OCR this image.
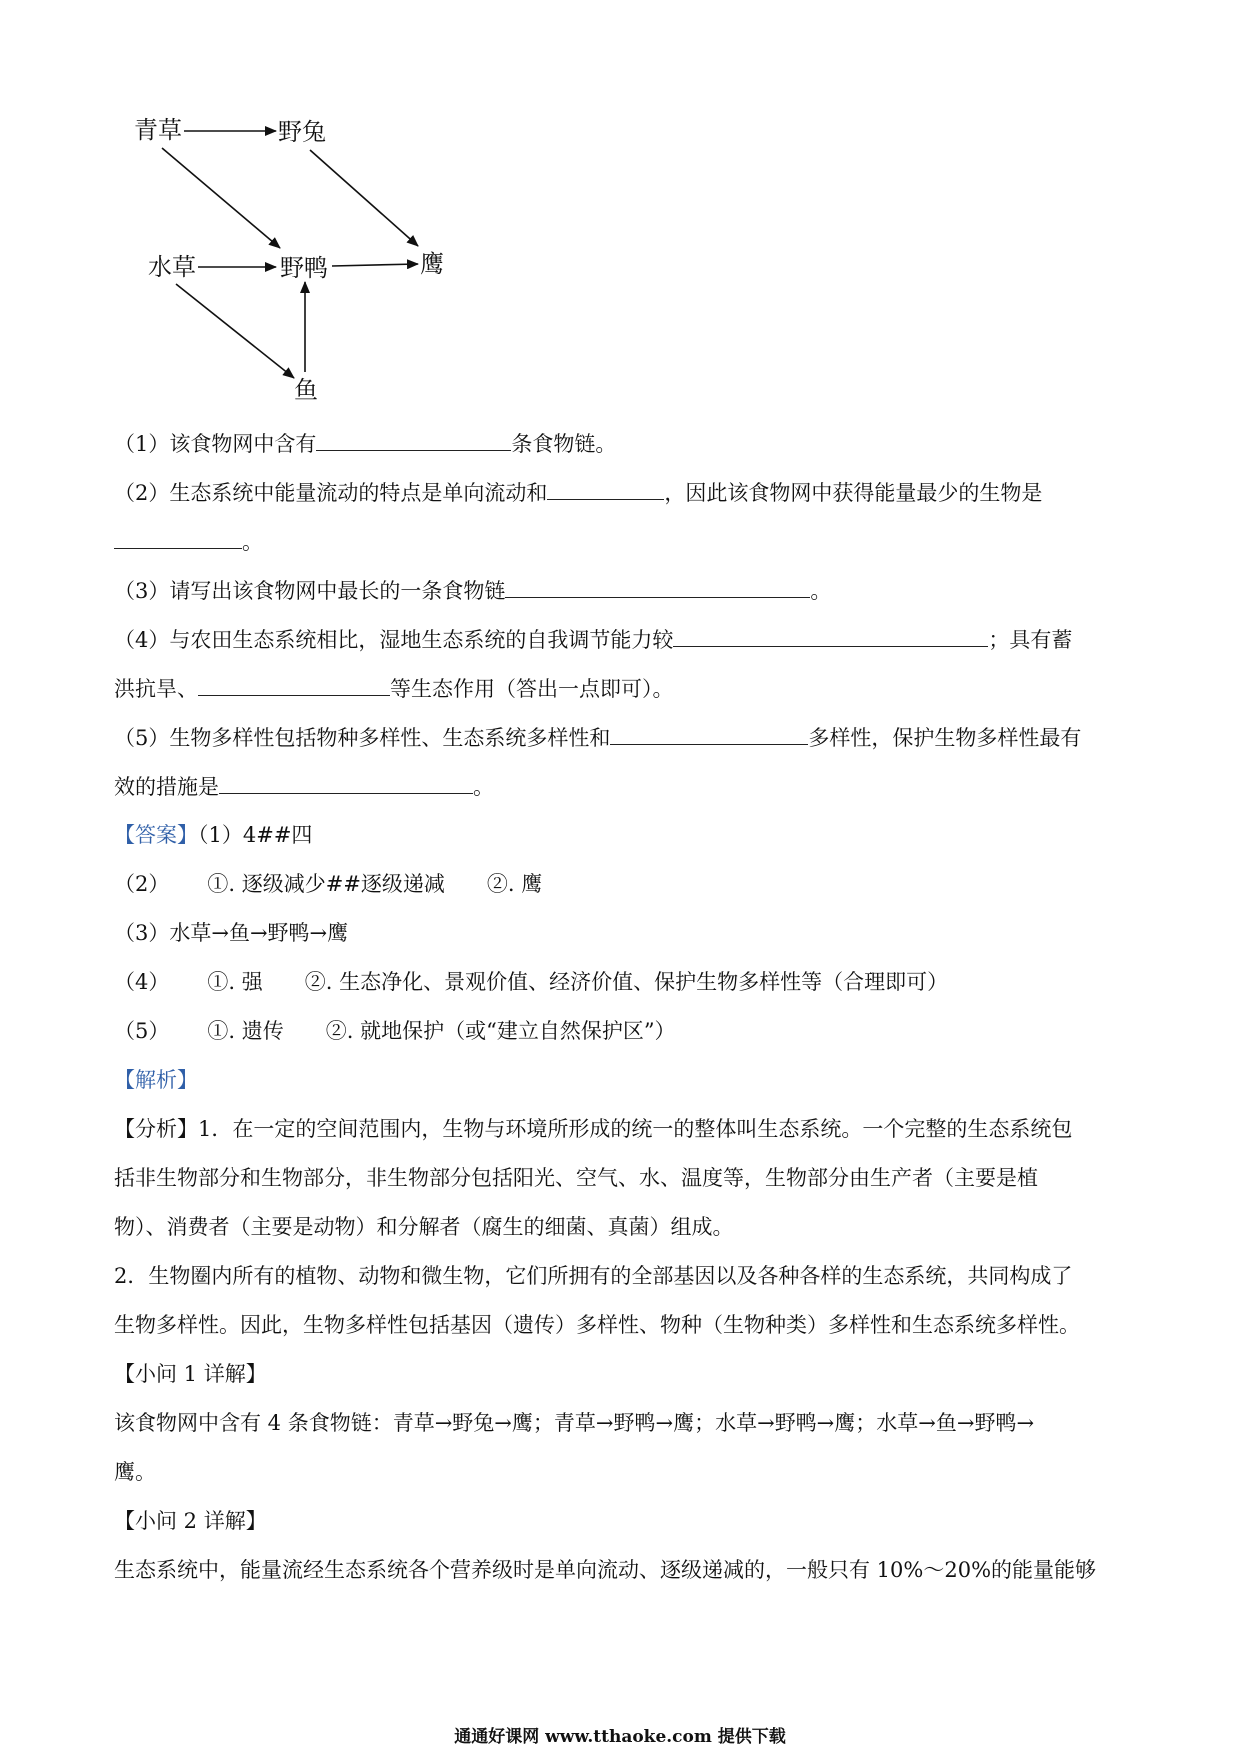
青草	野兔
水草	野鸭	鹰
鱼
（1）该食物网中含有	条食物链。
（2）生态系统中能量流动的特点是单向流动和	，因此该食物网中获得能量最少的生物是
。
（3）请写出该食物网中最长的一条食物链	。
（4）与农田生态系统相比，湿地生态系统的自我调节能力较	；具有蓄
洪抗旱、	等生态作用（答出一点即可）。
（5）生物多样性包括物种多样性、生态系统多样性和	多样性，保护生物多样性最有
效的措施是	。
【答案】（1）4##四
（2） ①. 逐级减少##逐级递减 ②. 鹰
（3）水草→鱼→野鸭→鹰
（4） ①. 强 ②. 生态净化、景观价值、经济价值、保护生物多样性等（合理即可）
（5） ①. 遗传 ②. 就地保护（或“建立自然保护区”）
【解析】
【分析】1．在一定的空间范围内，生物与环境所形成的统一的整体叫生态系统。一个完整的生态系统包
括非生物部分和生物部分，非生物部分包括阳光、空气、水、温度等，生物部分由生产者（主要是植
物）、消费者（主要是动物）和分解者（腐生的细菌、真菌）组成。
2．生物圈内所有的植物、动物和微生物，它们所拥有的全部基因以及各种各样的生态系统，共同构成了
生物多样性。因此，生物多样性包括基因（遗传）多样性、物种（生物种类）多样性和生态系统多样性。
【小问 1 详解】
该食物网中含有 4 条食物链：青草→野兔→鹰；青草→野鸭→鹰；水草→野鸭→鹰；水草→鱼→野鸭→
鹰。
【小问 2 详解】
生态系统中，能量流经生态系统各个营养级时是单向流动、逐级递减的，一般只有 10%～20%的能量能够
通通好课网 www.tthaoke.com 提供下载
